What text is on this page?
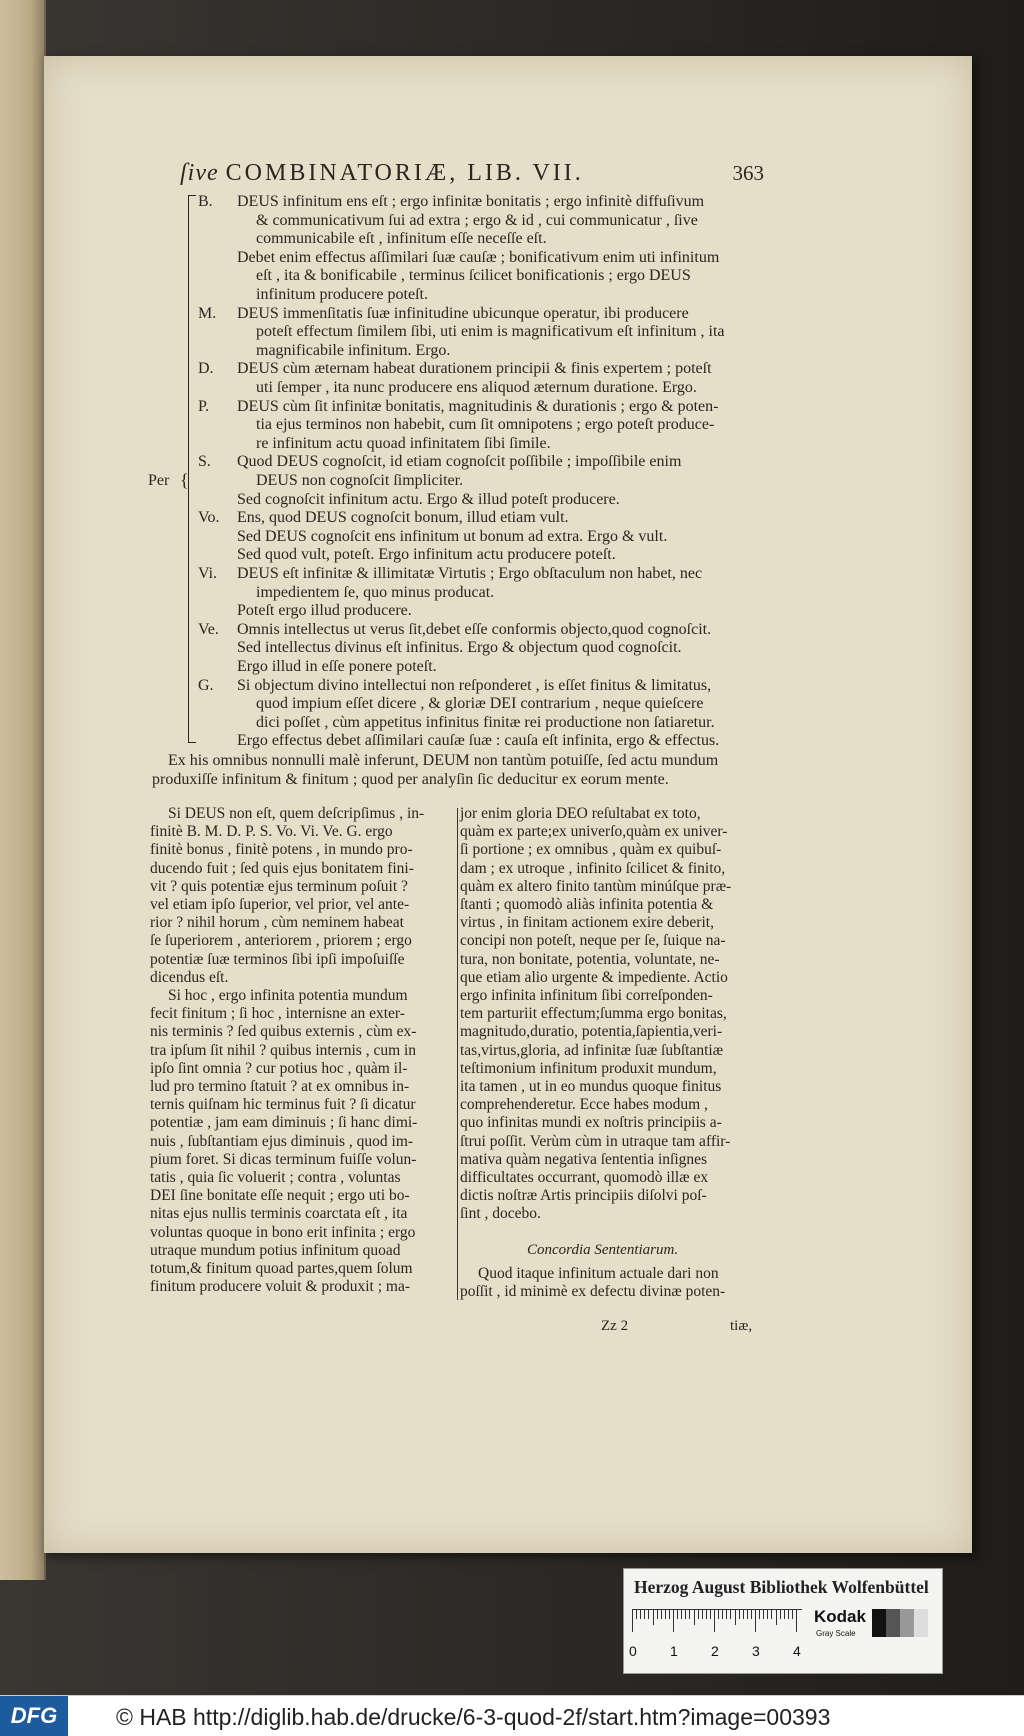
ſive COMBINATORIÆ, LIB. VII.	363
Per {
B. DEUS infinitum ens eſt ; ergo infinitæ bonitatis ; ergo infinitè diffuſivum
& communicativum ſui ad extra ; ergo & id , cui communicatur , ſive
communicabile eſt , infinitum eſſe neceſſe eſt.
Debet enim effectus aſſimilari ſuæ cauſæ ; bonificativum enim uti infinitum
eſt , ita & bonificabile , terminus ſcilicet bonificationis ; ergo DEUS
infinitum producere poteſt.
M. DEUS immenſitatis ſuæ infinitudine ubicunque operatur, ibi producere
poteſt effectum ſimilem ſibi, uti enim is magnificativum eſt infinitum , ita
magnificabile infinitum. Ergo.
D. DEUS cùm æternam habeat durationem principii & finis expertem ; poteſt
uti ſemper , ita nunc producere ens aliquod æternum duratione. Ergo.
P. DEUS cùm ſit infinitæ bonitatis, magnitudinis & durationis ; ergo & poten-
tia ejus terminos non habebit, cum ſit omnipotens ; ergo poteſt produce-
re infinitum actu quoad infinitatem ſibi ſimile.
S. Quod DEUS cognoſcit, id etiam cognoſcit poſſibile ; impoſſibile enim
DEUS non cognoſcit ſimpliciter.
Sed cognoſcit infinitum actu. Ergo & illud poteſt producere.
Vo. Ens, quod DEUS cognoſcit bonum, illud etiam vult.
Sed DEUS cognoſcit ens infinitum ut bonum ad extra. Ergo & vult.
Sed quod vult, poteſt. Ergo infinitum actu producere poteſt.
Vi. DEUS eſt infinitæ & illimitatæ Virtutis ; Ergo obſtaculum non habet, nec
impedientem ſe, quo minus producat.
Poteſt ergo illud producere.
Ve. Omnis intellectus ut verus ſit,debet eſſe conformis objecto,quod cognoſcit.
Sed intellectus divinus eſt infinitus. Ergo & objectum quod cognoſcit.
Ergo illud in eſſe ponere poteſt.
G. Si objectum divino intellectui non reſponderet , is eſſet finitus & limitatus,
quod impium eſſet dicere , & gloriæ DEI contrarium , neque quieſcere
dici poſſet , cùm appetitus infinitus finitæ rei productione non ſatiaretur.
Ergo effectus debet aſſimilari cauſæ ſuæ : cauſa eſt infinita, ergo & effectus.
Ex his omnibus nonnulli malè inferunt, DEUM non tantùm potuiſſe, ſed actu mundum
produxiſſe infinitum & finitum ; quod per analyſin ſic deducitur ex eorum mente.
Si DEUS non eſt, quem deſcripſimus , in-
finitè B. M. D. P. S. Vo. Vi. Ve. G. ergo
finitè bonus , finitè potens , in mundo pro-
ducendo fuit ; ſed quis ejus bonitatem fini-
vit ? quis potentiæ ejus terminum poſuit ?
vel etiam ipſo ſuperior, vel prior, vel ante-
rior ? nihil horum , cùm neminem habeat
ſe ſuperiorem , anteriorem , priorem ; ergo
potentiæ ſuæ terminos ſibi ipſi impoſuiſſe
dicendus eſt.
Si hoc , ergo infinita potentia mundum
fecit finitum ; ſi hoc , internisne an exter-
nis terminis ? ſed quibus externis , cùm ex-
tra ipſum ſit nihil ? quibus internis , cum in
ipſo ſint omnia ? cur potius hoc , quàm il-
lud pro termino ſtatuit ? at ex omnibus in-
ternis quiſnam hic terminus fuit ? ſi dicatur
potentiæ , jam eam diminuis ; ſi hanc dimi-
nuis , ſubſtantiam ejus diminuis , quod im-
pium foret. Si dicas terminum fuiſſe volun-
tatis , quia ſic voluerit ; contra , voluntas
DEI ſine bonitate eſſe nequit ; ergo uti bo-
nitas ejus nullis terminis coarctata eſt , ita
voluntas quoque in bono erit infinita ; ergo
utraque mundum potius infinitum quoad
totum,& finitum quoad partes,quem ſolum
finitum producere voluit & produxit ; ma-
jor enim gloria DEO reſultabat ex toto,
quàm ex parte;ex univerſo,quàm ex univer-
ſi portione ; ex omnibus , quàm ex quibuſ-
dam ; ex utroque , infinito ſcilicet & finito,
quàm ex altero finito tantùm minúſque præ-
ſtanti ; quomodò aliàs infinita potentia &
virtus , in finitam actionem exire deberit,
concipi non poteſt, neque per ſe, ſuique na-
tura, non bonitate, potentia, voluntate, ne-
que etiam alio urgente & impediente. Actio
ergo infinita infinitum ſibi correſponden-
tem parturiit effectum;ſumma ergo bonitas,
magnitudo,duratio, potentia,ſapientia,veri-
tas,virtus,gloria, ad infinitæ ſuæ ſubſtantiæ
teſtimonium infinitum produxit mundum,
ita tamen , ut in eo mundus quoque finitus
comprehenderetur. Ecce habes modum ,
quo infinitas mundi ex noſtris principiis a-
ſtrui poſſit. Verùm cùm in utraque tam affir-
mativa quàm negativa ſententia inſignes
difficultates occurrant, quomodò illæ ex
dictis noſtræ Artis principiis diſolvi poſ-
ſint , docebo.
Concordia Sententiarum.
Quod itaque infinitum actuale dari non
poſſit , id minimè ex defectu divinæ poten-
Zz 2	tiæ,
Herzog August Bibliothek Wolfenbüttel
0 1 2 3 4
Kodak
Gray Scale
DFG	© HAB http://diglib.hab.de/drucke/6-3-quod-2f/start.htm?image=00393
